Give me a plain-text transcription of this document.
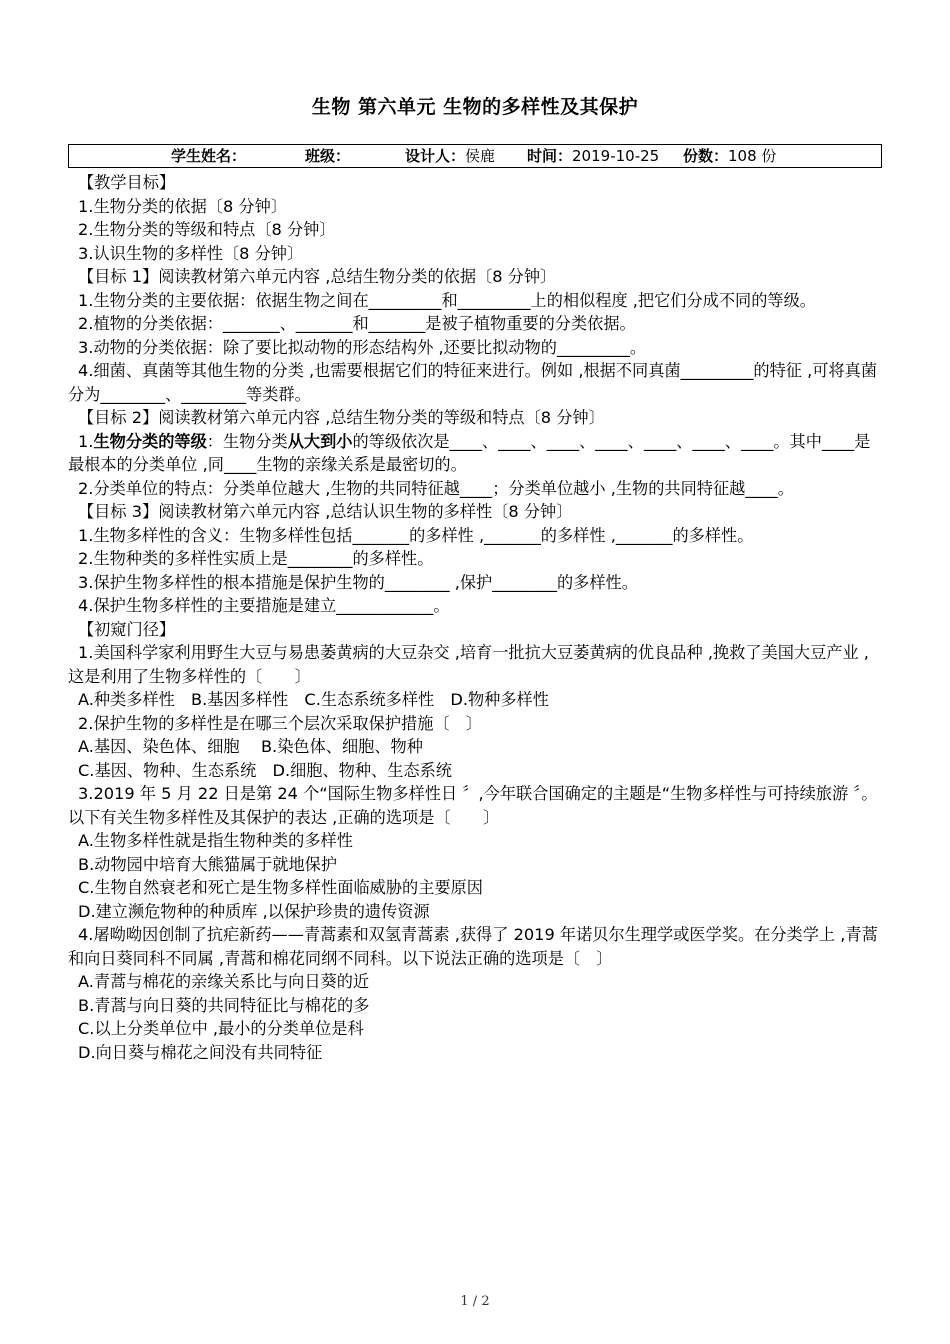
生物 第六单元 生物的多样性及其保护
学生姓名：	班级：	设计人：侯鹿 时间：2019-10-25 份数：108 份

【教学目标】

1.生物分类的依据〔8 分钟〕

2.生物分类的等级和特点〔8 分钟〕

3.认识生物的多样性〔8 分钟〕

【目标 1】阅读教材第六单元内容 ,总结生物分类的依据〔8 分钟〕

1.生物分类的主要依据：依据生物之间在_________和_________上的相似程度 ,把它们分成不同的等级。

2.植物的分类依据：_______、_______和_______是被子植物重要的分类依据。

3.动物的分类依据：除了要比拟动物的形态结构外 ,还要比拟动物的_________。

4.细菌、真菌等其他生物的分类 ,也需要根据它们的特征来进行。例如 ,根据不同真菌_________的特征 ,可将真菌分为________、________等类群。

【目标 2】阅读教材第六单元内容 ,总结生物分类的等级和特点〔8 分钟〕

1.生物分类的等级：生物分类从大到小的等级依次是____、____、____、____、____、____、____。其中____是最根本的分类单位 ,同____生物的亲缘关系是最密切的。

2.分类单位的特点：分类单位越大 ,生物的共同特征越____；分类单位越小 ,生物的共同特征越____。

【目标 3】阅读教材第六单元内容 ,总结认识生物的多样性〔8 分钟〕

1.生物多样性的含义：生物多样性包括_______的多样性 ,_______的多样性 ,_______的多样性。

2.生物种类的多样性实质上是________的多样性。

3.保护生物多样性的根本措施是保护生物的________ ,保护________的多样性。

4.保护生物多样性的主要措施是建立____________。

【初窥门径】

1.美国科学家利用野生大豆与易患萎黄病的大豆杂交 ,培育一批抗大豆萎黄病的优良品种 ,挽救了美国大豆产业 ,这是利用了生物多样性的〔　　〕

A.种类多样性　B.基因多样性　C.生态系统多样性　D.物种多样性

2.保护生物的多样性是在哪三个层次采取保护措施〔　〕

A.基因、染色体、细胞　 B.染色体、细胞、物种

C.基因、物种、生态系统　D.细胞、物种、生态系统

3.2019 年 5 月 22 日是第 24 个“国际生物多样性日 〞,今年联合国确定的主题是“生物多样性与可持续旅游 〞。以下有关生物多样性及其保护的表达 ,正确的选项是〔　　〕

A.生物多样性就是指生物种类的多样性

B.动物园中培育大熊猫属于就地保护

C.生物自然衰老和死亡是生物多样性面临威胁的主要原因

D.建立濒危物种的种质库 ,以保护珍贵的遗传资源

4.屠呦呦因创制了抗疟新药——青蒿素和双氢青蒿素 ,获得了 2019 年诺贝尔生理学或医学奖。在分类学上 ,青蒿和向日葵同科不同属 ,青蒿和棉花同纲不同科。以下说法正确的选项是〔　〕

A.青蒿与棉花的亲缘关系比与向日葵的近

B.青蒿与向日葵的共同特征比与棉花的多

C.以上分类单位中 ,最小的分类单位是科

D.向日葵与棉花之间没有共同特征

1 / 2
